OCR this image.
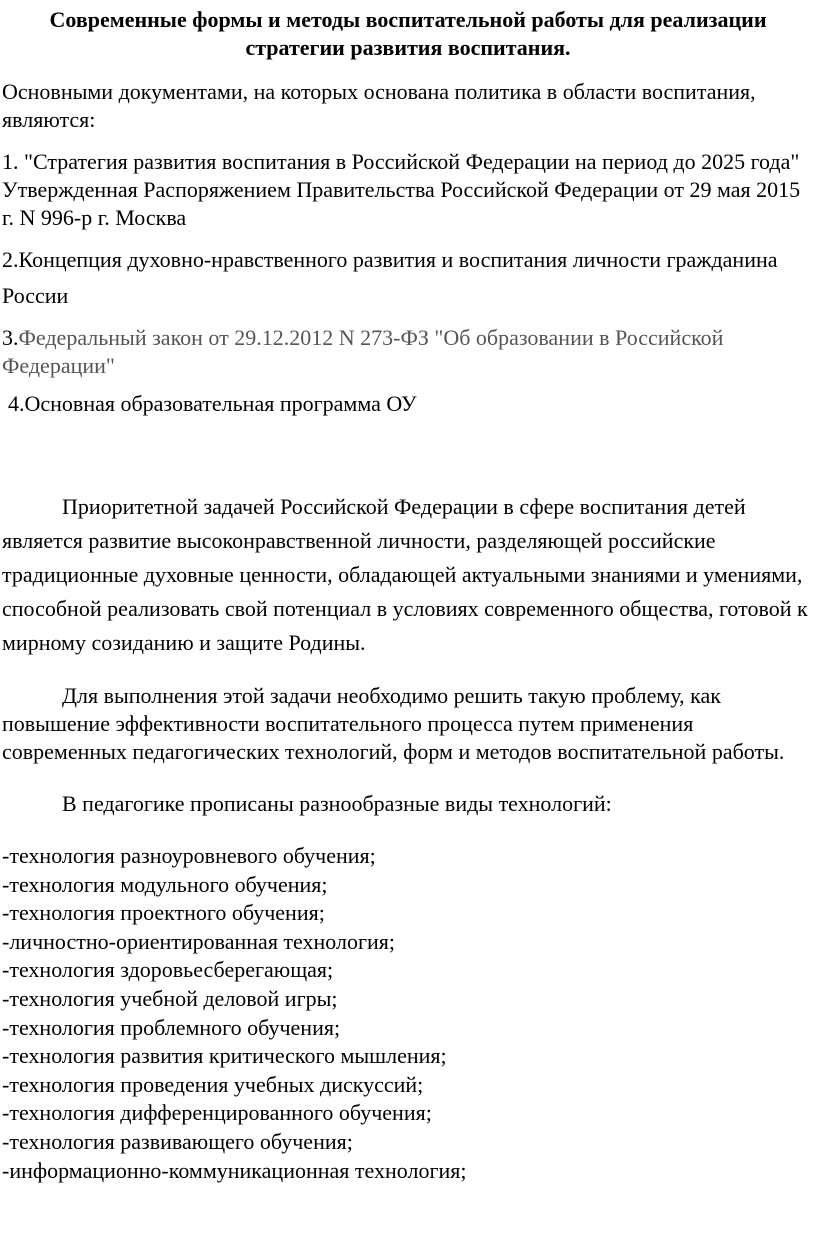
Современные формы и методы воспитательной работы для реализации стратегии развития воспитания.

Основными документами, на которых основана политика в области воспитания, являются:

1. "Стратегия развития воспитания в Российской Федерации на период до 2025 года" Утвержденная Распоряжением Правительства Российской Федерации от 29 мая 2015 г. N 996-р г. Москва

2.Концепция духовно-нравственного развития и воспитания личности гражданина России

3.Федеральный закон от 29.12.2012 N 273-ФЗ "Об образовании в Российской Федерации"

4.Основная образовательная программа ОУ

Приоритетной задачей Российской Федерации в сфере воспитания детей является развитие высоконравственной личности, разделяющей российские традиционные духовные ценности, обладающей актуальными знаниями и умениями, способной реализовать свой потенциал в условиях современного общества, готовой к мирному созиданию и защите Родины.

Для выполнения этой задачи необходимо решить такую проблему, как повышение эффективности воспитательного процесса путем применения современных педагогических технологий, форм и методов воспитательной работы.

В педагогике прописаны разнообразные виды технологий:

-технология разноуровневого обучения;
-технология модульного обучения;
-технология проектного обучения;
-личностно-ориентированная технология;
-технология здоровьесберегающая;
-технология учебной деловой игры;
-технология проблемного обучения;
-технология развития критического мышления;
-технология проведения учебных дискуссий;
-технология дифференцированного обучения;
-технология развивающего обучения;
-информационно-коммуникационная технология;
